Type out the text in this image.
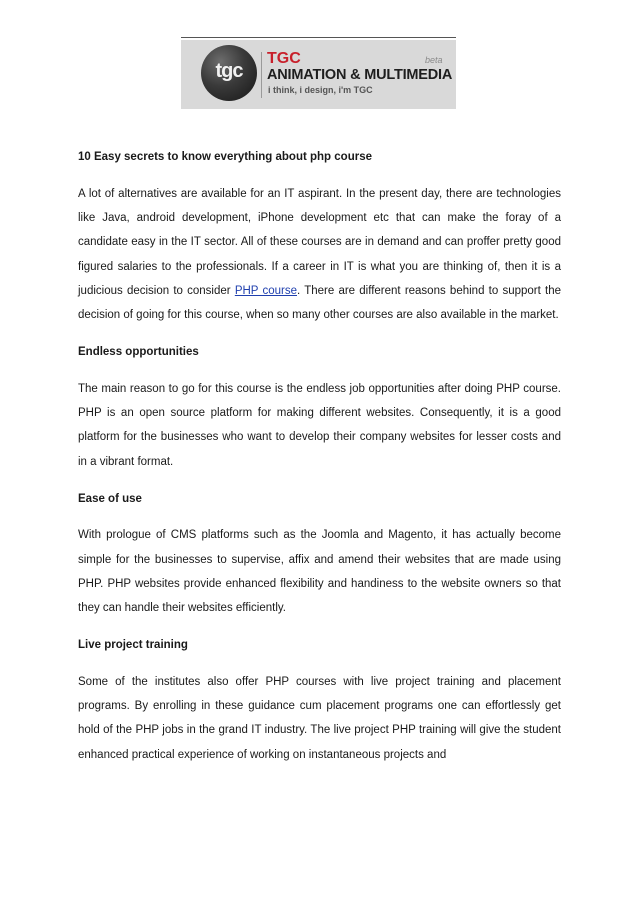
tgc
TGC	beta
ANIMATION & MULTIMEDIA
i think, i design, i'm TGC

10 Easy secrets to know everything about php course

A lot of alternatives are available for an IT aspirant. In the present day, there are technologies like Java, android development, iPhone development etc that can make the foray of a candidate easy in the IT sector. All of these courses are in demand and can proffer pretty good figured salaries to the professionals. If a career in IT is what you are thinking of, then it is a judicious decision to consider PHP course. There are different reasons behind to support the decision of going for this course, when so many other courses are also available in the market.

Endless opportunities

The main reason to go for this course is the endless job opportunities after doing PHP course. PHP is an open source platform for making different websites. Consequently, it is a good platform for the businesses who want to develop their company websites for lesser costs and in a vibrant format.

Ease of use

With prologue of CMS platforms such as the Joomla and Magento, it has actually become simple for the businesses to supervise, affix and amend their websites that are made using PHP. PHP websites provide enhanced flexibility and handiness to the website owners so that they can handle their websites efficiently.

Live project training

Some of the institutes also offer PHP courses with live project training and placement programs. By enrolling in these guidance cum placement programs one can effortlessly get hold of the PHP jobs in the grand IT industry. The live project PHP training will give the student enhanced practical experience of working on instantaneous projects and
